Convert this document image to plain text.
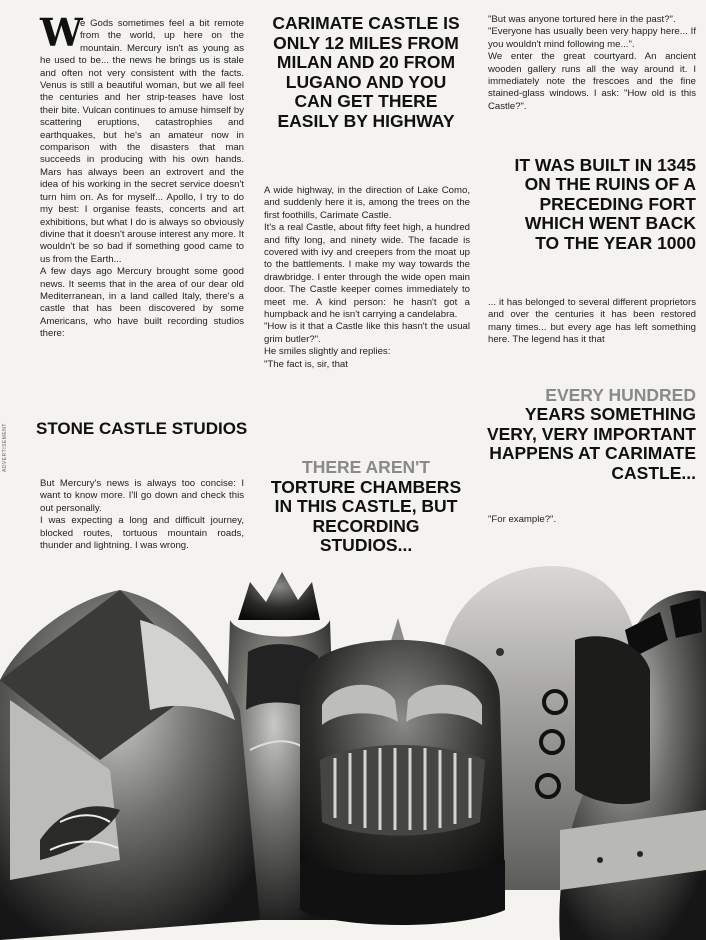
W

e Gods sometimes feel a bit remote from the world, up here on the mountain. Mercury isn't as young as he used to be... the news he brings us is stale and often not very consistent with the facts. Venus is still a beautiful woman, but we all feel the centuries and her strip-teases have lost their bite. Vulcan continues to amuse himself by scattering eruptions, catastrophies and earthquakes, but he's an amateur now in comparison with the disasters that man succeeds in producing with his own hands. Mars has always been an extrovert and the idea of his working in the secret service doesn't turn him on. As for myself... Apollo, I try to do my best: I organise feasts, concerts and art exhibitions, but what I do is always so obviously divine that it doesn't arouse interest any more. It wouldn't be so bad if something good came to us from the Earth...

A few days ago Mercury brought some good news. It seems that in the area of our dear old Mediterranean, in a land called Italy, there's a castle that has been discovered by some Americans, who have built recording studios there:

STONE CASTLE STUDIOS
ADVERTISEMENT

But Mercury's news is always too concise: I want to know more. I'll go down and check this out personally.

I was expecting a long and difficult journey, blocked routes, tortuous mountain roads, thunder and lightning. I was wrong.

CARIMATE CASTLE IS ONLY 12 MILES FROM MILAN AND 20 FROM LUGANO AND YOU CAN GET THERE EASILY BY HIGHWAY

A wide highway, in the direction of Lake Como, and suddenly here it is, among the trees on the first foothills, Carimate Castle.

It's a real Castle, about fifty feet high, a hundred and fifty long, and ninety wide. The facade is covered with ivy and creepers from the moat up to the battlements. I make my way towards the drawbridge. I enter through the wide open main door. The Castle keeper comes immediately to meet me. A kind person: he hasn't got a humpback and he isn't carrying a candelabra.

"How is it that a Castle like this hasn't the usual grim butler?".

He smiles slightly and replies:

"The fact is, sir, that

THERE AREN'T
TORTURE CHAMBERS IN THIS CASTLE, BUT RECORDING STUDIOS...

"But was anyone tortured here in the past?".

"Everyone has usually been very happy here... If you wouldn't mind following me...".

We enter the great courtyard. An ancient wooden gallery runs all the way around it. I immediately note the frescoes and the fine stained-glass windows. I ask: "How old is this Castle?".

IT WAS BUILT IN 1345 ON THE RUINS OF A PRECEDING FORT WHICH WENT BACK TO THE YEAR 1000

... it has belonged to several different proprietors and over the centuries it has been restored many times... but every age has left something here. The legend has it that

EVERY HUNDRED
YEARS SOMETHING VERY, VERY IMPORTANT HAPPENS AT CARIMATE CASTLE...

"For example?".
